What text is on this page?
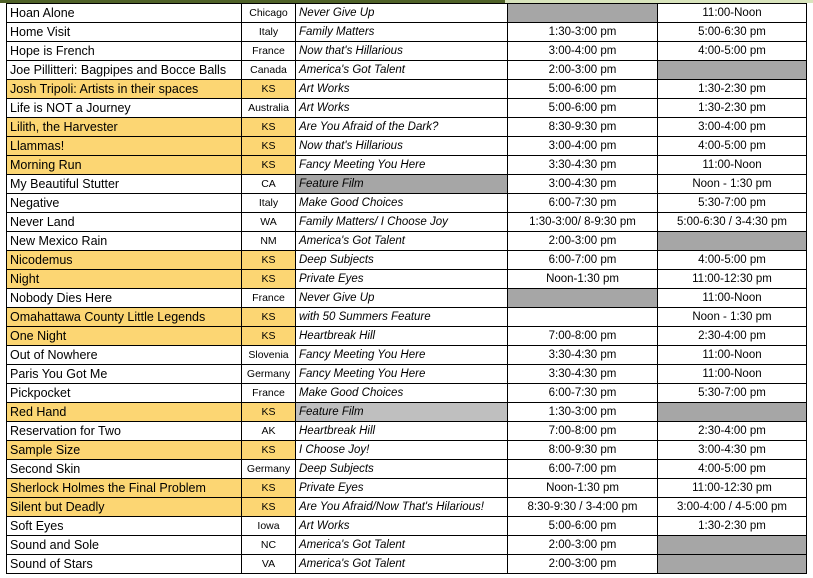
Hoan Alone	Chicago	Never Give Up		11:00-Noon
Home Visit	Italy	Family Matters	1:30-3:00 pm	5:00-6:30 pm
Hope is French	France	Now that's Hillarious	3:00-4:00 pm	4:00-5:00 pm
Joe Pillitteri: Bagpipes and Bocce Balls	Canada	America's Got Talent	2:00-3:00 pm	
Josh Tripoli: Artists in their spaces	KS	Art Works	5:00-6:00 pm	1:30-2:30 pm
Life is NOT a Journey	Australia	Art Works	5:00-6:00 pm	1:30-2:30 pm
Lilith, the Harvester	KS	Are You Afraid of the Dark?	8:30-9:30 pm	3:00-4:00 pm
Llammas!	KS	Now that's Hillarious	3:00-4:00 pm	4:00-5:00 pm
Morning Run	KS	Fancy Meeting You Here	3:30-4:30 pm	11:00-Noon
My Beautiful Stutter	CA	Feature Film	3:00-4:30 pm	Noon - 1:30 pm
Negative	Italy	Make Good Choices	6:00-7:30 pm	5:30-7:00 pm
Never Land	WA	Family Matters/ I Choose Joy	1:30-3:00/ 8-9:30 pm	5:00-6:30 / 3-4:30 pm
New Mexico Rain	NM	America's Got Talent	2:00-3:00 pm	
Nicodemus	KS	Deep Subjects	6:00-7:00 pm	4:00-5:00 pm
Night	KS	Private Eyes	Noon-1:30 pm	11:00-12:30 pm
Nobody Dies Here	France	Never Give Up		11:00-Noon
Omahattawa County Little Legends	KS	with 50 Summers Feature		Noon - 1:30 pm
One Night	KS	Heartbreak Hill	7:00-8:00 pm	2:30-4:00 pm
Out of Nowhere	Slovenia	Fancy Meeting You Here	3:30-4:30 pm	11:00-Noon
Paris You Got Me	Germany	Fancy Meeting You Here	3:30-4:30 pm	11:00-Noon
Pickpocket	France	Make Good Choices	6:00-7:30 pm	5:30-7:00 pm
Red Hand	KS	Feature Film	1:30-3:00 pm	
Reservation for Two	AK	Heartbreak Hill	7:00-8:00 pm	2:30-4:00 pm
Sample Size	KS	I Choose Joy!	8:00-9:30 pm	3:00-4:30 pm
Second Skin	Germany	Deep Subjects	6:00-7:00 pm	4:00-5:00 pm
Sherlock Holmes the Final Problem	KS	Private Eyes	Noon-1:30 pm	11:00-12:30 pm
Silent but Deadly	KS	Are You Afraid/Now That's Hilarious!	8:30-9:30 / 3-4:00 pm	3:00-4:00 / 4-5:00 pm
Soft Eyes	Iowa	Art Works	5:00-6:00 pm	1:30-2:30 pm
Sound and Sole	NC	America's Got Talent	2:00-3:00 pm	
Sound of Stars	VA	America's Got Talent	2:00-3:00 pm	
